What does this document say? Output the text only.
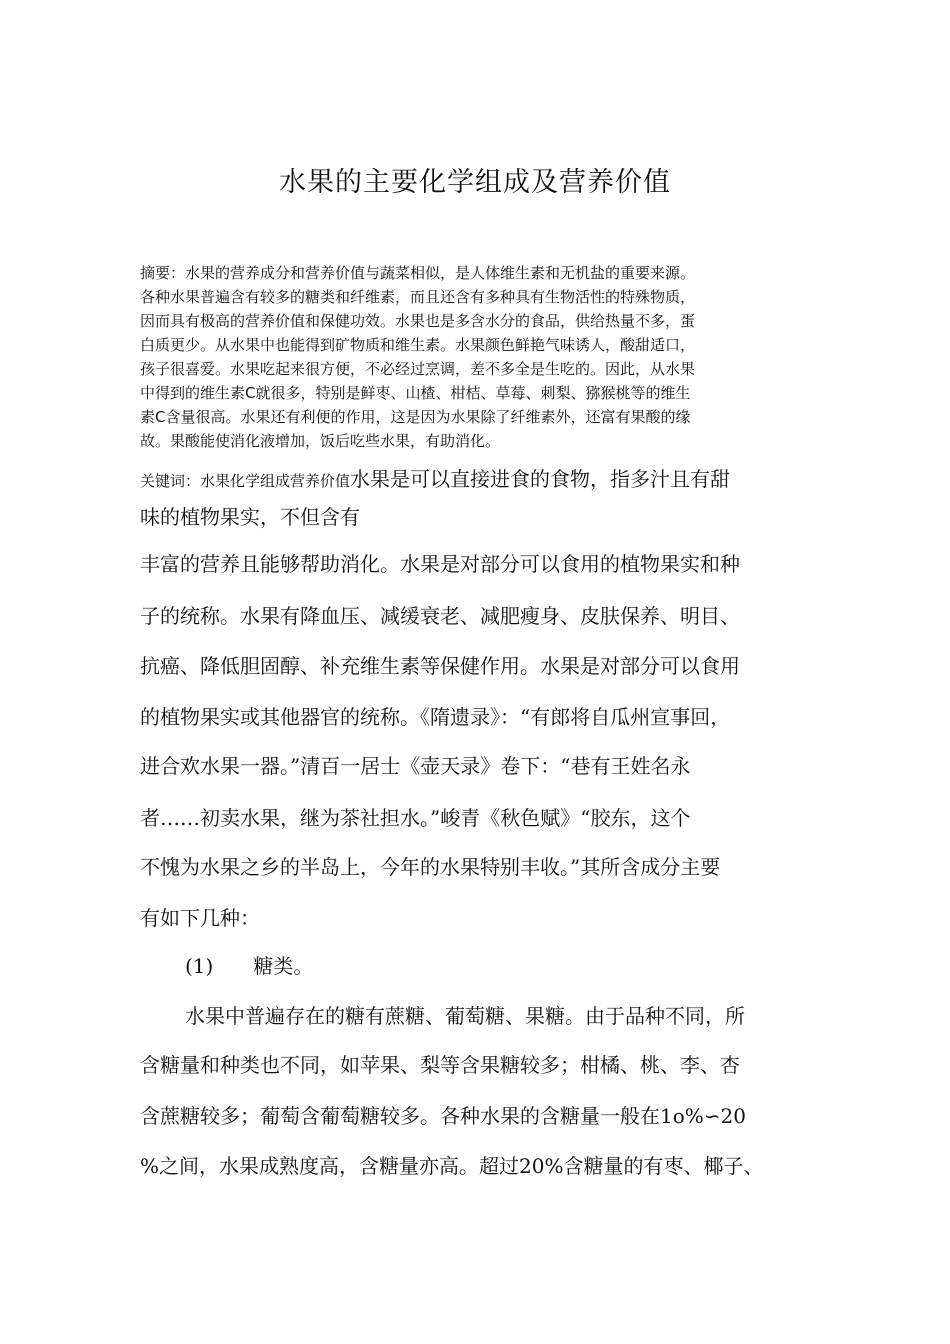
水果的主要化学组成及营养价值
摘要：水果的营养成分和营养价值与蔬菜相似，是人体维生素和无机盐的重要来源。
各种水果普遍含有较多的糖类和纤维素，而且还含有多种具有生物活性的特殊物质，
因而具有极高的营养价值和保健功效。水果也是多含水分的食品，供给热量不多，蛋
白质更少。从水果中也能得到矿物质和维生素。水果颜色鲜艳气味诱人，酸甜适口，
孩子很喜爱。水果吃起来很方便，不必经过烹调，差不多全是生吃的。因此，从水果
中得到的维生素C就很多，特别是鲜枣、山楂、柑桔、草莓、刺梨、猕猴桃等的维生
素C含量很高。水果还有利便的作用，这是因为水果除了纤维素外，还富有果酸的缘
故。果酸能使消化液增加，饭后吃些水果，有助消化。
关键词：水果化学组成营养价值水果是可以直接进食的食物，指多汁且有甜
味的植物果实，不但含有
丰富的营养且能够帮助消化。水果是对部分可以食用的植物果实和种
子的统称。水果有降血压、减缓衰老、减肥瘦身、皮肤保养、明目、
抗癌、降低胆固醇、补充维生素等保健作用。水果是对部分可以食用
的植物果实或其他器官的统称。《隋遗录》：“有郎将自瓜州宣事回，
进合欢水果一器。”清百一居士《壶天录》卷下：“巷有王姓名永
者……初卖水果，继为茶社担水。”峻青《秋色赋》“胶东，这个
不愧为水果之乡的半岛上，今年的水果特别丰收。”其所含成分主要
有如下几种：
(1)　　糖类。
水果中普遍存在的糖有蔗糖、葡萄糖、果糖。由于品种不同，所
含糖量和种类也不同，如苹果、梨等含果糖较多；柑橘、桃、李、杏
含蔗糖较多；葡萄含葡萄糖较多。各种水果的含糖量一般在1o%∽20
%之间，水果成熟度高，含糖量亦高。超过20%含糖量的有枣、椰子、
